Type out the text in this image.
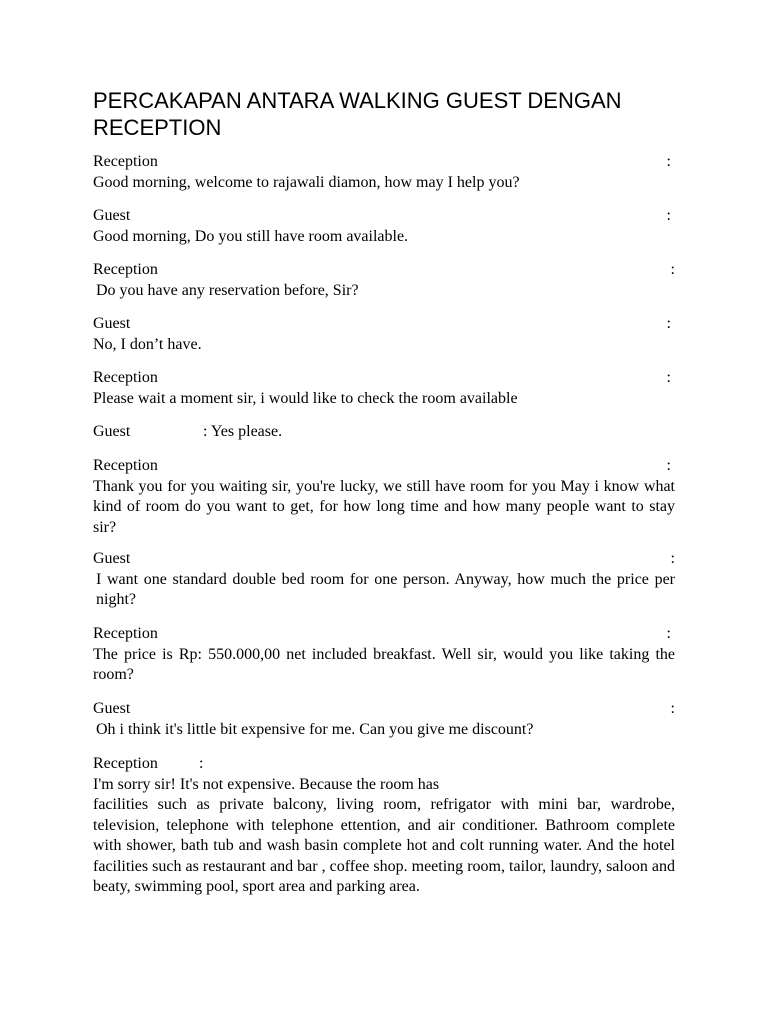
PERCAKAPAN ANTARA WALKING GUEST DENGAN
RECEPTION
Reception	:
Good morning, welcome to rajawali diamon, how may I help you?
Guest	:
Good morning, Do you still have room available.
Reception	:
Do you have any reservation before, Sir?
Guest	:
No, I don’t have.
Reception	:
Please wait a moment sir, i would like to check the room available
Guest	: Yes please.
Reception	:
Thank you for you waiting sir, you're lucky, we still have room for you May i know what kind of room do you want to get, for how long time and how many people want to stay sir?
Guest	:
I want one standard double bed room for one person. Anyway, how much the price per night?
Reception	:
The price is Rp: 550.000,00 net included breakfast. Well sir, would you like taking the room?
Guest	:
Oh i think it's little bit expensive for me. Can you give me discount?
Reception	:
I'm sorry sir! It's not expensive. Because the room has
facilities such as private balcony, living room, refrigator with mini bar, wardrobe, television, telephone with telephone ettention, and air conditioner. Bathroom complete with shower, bath tub and wash basin complete hot and colt running water. And the hotel facilities such as restaurant and bar , coffee shop. meeting room, tailor, laundry, saloon and beaty, swimming pool, sport area and parking area.
